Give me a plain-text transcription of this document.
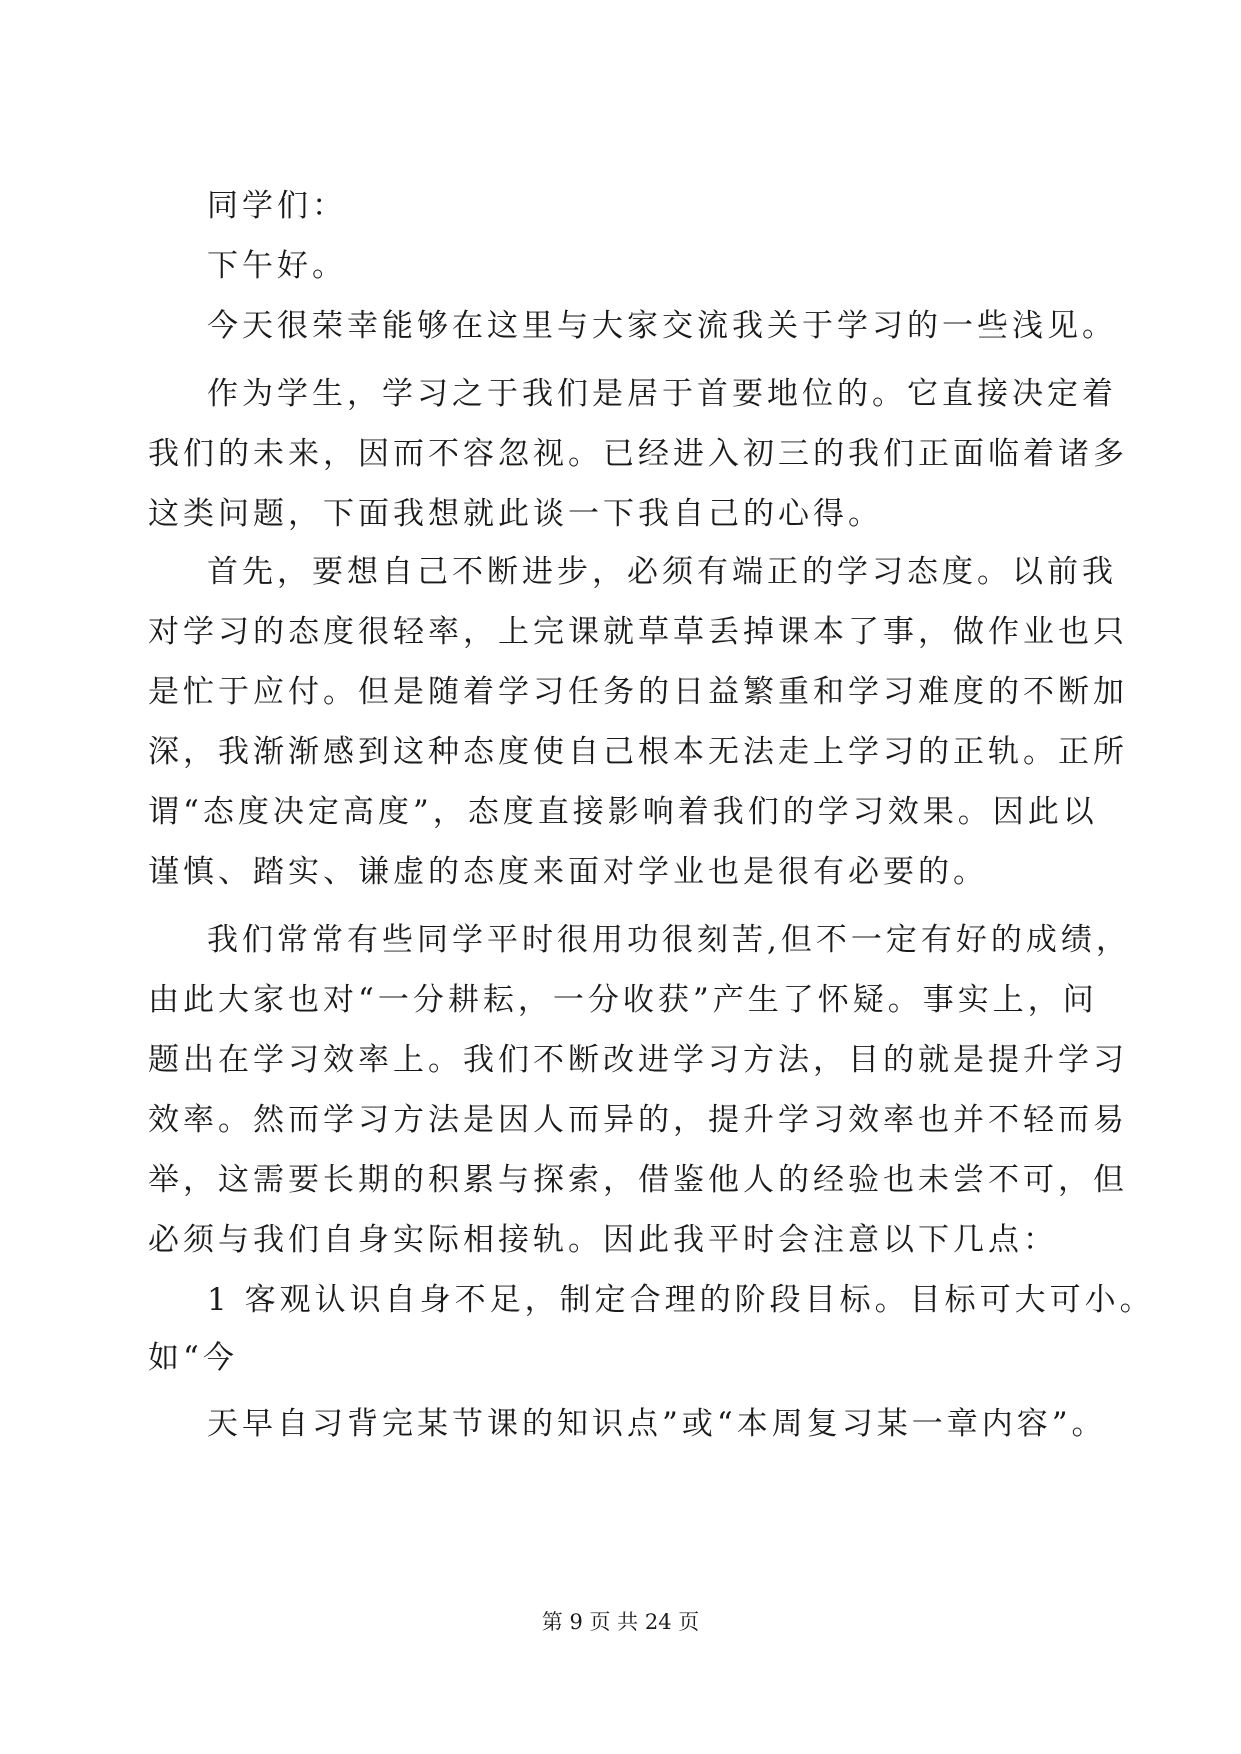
同学们：
下午好。
今天很荣幸能够在这里与大家交流我关于学习的一些浅见。
作为学生，学习之于我们是居于首要地位的。它直接决定着
我们的未来，因而不容忽视。已经进入初三的我们正面临着诸多
这类问题，下面我想就此谈一下我自己的心得。
首先，要想自己不断进步，必须有端正的学习态度。以前我
对学习的态度很轻率，上完课就草草丢掉课本了事，做作业也只
是忙于应付。但是随着学习任务的日益繁重和学习难度的不断加
深，我渐渐感到这种态度使自己根本无法走上学习的正轨。正所
谓“态度决定高度”，态度直接影响着我们的学习效果。因此以
谨慎、踏实、谦虚的态度来面对学业也是很有必要的。
我们常常有些同学平时很用功很刻苦,但不一定有好的成绩，
由此大家也对“一分耕耘，一分收获”产生了怀疑。事实上，问
题出在学习效率上。我们不断改进学习方法，目的就是提升学习
效率。然而学习方法是因人而异的，提升学习效率也并不轻而易
举，这需要长期的积累与探索，借鉴他人的经验也未尝不可，但
必须与我们自身实际相接轨。因此我平时会注意以下几点：
1 客观认识自身不足，制定合理的阶段目标。目标可大可小。
如“今
天早自习背完某节课的知识点”或“本周复习某一章内容”。
第 9 页 共 24 页
